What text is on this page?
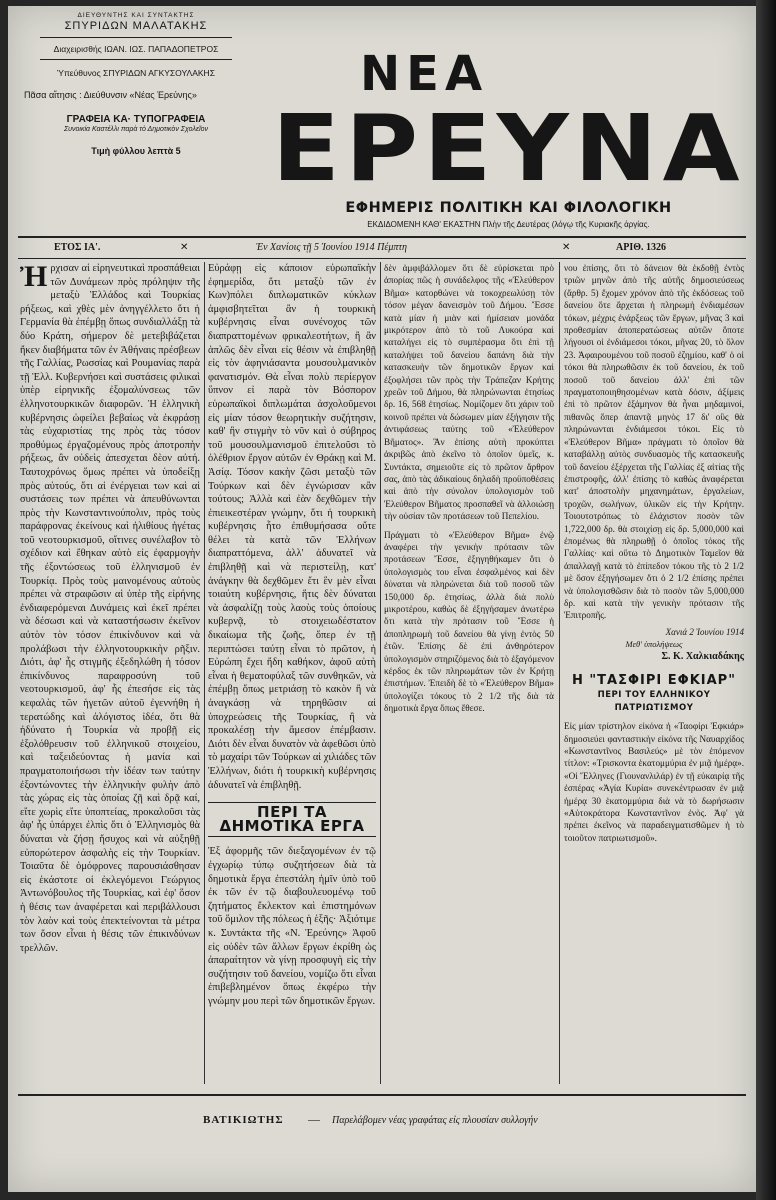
ΔΙΕΥΘΥΝΤΗΣ ΚΑΙ ΣΥΝΤΑΚΤΗΣ
ΣΠΥΡΙΔΩΝ ΜΑΛΑΤΑΚΗΣ
Διαχειρισθής ΙΩΑΝ. ΙΩΣ. ΠΑΠΑΔΟΠΕΤΡΟΣ
Ὑπεύθυνος ΣΠΥΡΙΔΩΝ ΑΓΚΥΣΟΥΛΑΚΗΣ
Πᾶσα αἴτησις : Διεύθυνσιν «Νέας Ἐρεύνης»
ΓΡΑΦΕΙΑ ΚΑ· ΤΥΠΟΓΡΑΦΕΙΑ
Συνοικία Καστέλλι παρὰ τὸ Δημοτικὸν Σχολεῖον
Τιμὴ φύλλου λεπτὰ 5
ΝΕΑ
ΕΡΕΥΝΑ
ΕΦΗΜΕΡΙΣ ΠΟΛΙΤΙΚΗ ΚΑΙ ΦΙΛΟΛΟΓΙΚΗ
ΕΚΔΙΔΟΜΕΝΗ ΚΑΘ' ΕΚΑΣΤΗΝ Πλὴν τῆς Δευτέρας (λόγῳ τῆς Κυριακῆς ἀργίας.
ΕΤΟΣ ΙΑ'.	✕	Ἐν Χανίοις τῇ 5 Ἰουνίου 1914 Πέμπτη	✕	ΑΡΙΘ. 1326

Ἠρχισαν αἱ εἰρηνευτικαὶ προσπάθειαι τῶν Δυνάμεων πρὸς πρόληψιν τῆς μεταξὺ Ἑλλάδος καὶ Τουρκίας ρήξεως, καὶ χθὲς μὲν ἀνηγγέλλετο ὅτι ἡ Γερμανία θὰ ἐπέμβῃ ὅπως συνδιαλλάξῃ τὰ δύο Κράτη, σήμερον δὲ μετεβιβάζεται ἤκεν διαβήματα τῶν ἐν Ἀθήναις πρέσβεων τῆς Γαλλίας, Ρωσσίας καὶ Ρουμανίας παρὰ τῇ Ἑλλ. Κυβερνήσει καὶ συστάσεις φιλικαὶ ὑπὲρ εἰρηνικῆς ἐξομαλύνσεως τῶν ἑλληνοτουρκικῶν διαφορῶν. Ἡ ἑλληνικὴ κυβέρνησις ὠφείλει βεβαίως νὰ ἐκφράσῃ τὰς εὐχαριστίας της πρὸς τὰς τόσον προθύμως ἐργαζομένους πρὸς ἀποτροπὴν ρήξεως, ἂν οὐδεὶς ἀπεσχεται δὲον αὐτή. Ταυτοχρόνως ὅμως πρέπει νὰ ὑποδείξῃ πρὸς αὐτούς, ὅτι αἱ ἐνέργειαι των καὶ αἱ συστάσεις των πρέπει νὰ ἀπευθύνωνται πρὸς τὴν Κωνσταντινούπολιν, πρὸς τοὺς παράφρονας ἐκείνους καὶ ἠλιθίους ἡγέτας τοῦ νεοτουρκισμοῦ, οἵτινες συνέλαβον τὸ σχέδιον καὶ ἔθηκαν αὐτὸ εἰς ἐφαρμογὴν τῆς ἐξοντώσεως τοῦ ἑλληνισμοῦ ἐν Τουρκίᾳ. Πρὸς τοὺς μαινομένους αὐτοὺς πρέπει νὰ στραφῶσιν αἱ ὑπὲρ τῆς εἰρήνης ἐνδιαφερόμεναι Δυνάμεις καὶ ἐκεῖ πρέπει νὰ δέσωσι καὶ νὰ καταστήσωσιν ἐκεῖνον αὐτὸν τὸν τόσον ἐπικίνδυνον καὶ νὰ προλάβωσι τὴν ἐλληνοτουρκικὴν ρῆξιν. Διότι, ἀφ' ἧς στιγμῆς ἐξεδηλώθη ἡ τόσον ἐπικίνδυνος παραφροσύνη τοῦ νεοτουρκισμοῦ, ἀφ' ἧς ἐπεσήσε εἰς τὰς κεφαλὰς τῶν ἡγετῶν αὐτοῦ ἐγεννήθη ἡ τερατώδης καὶ ἀλόγιστος ἰδέα, ὅτι θὰ ἠδύνατο ἡ Τουρκία νὰ προβῇ εἰς ἐξολόθρευσιν τοῦ ἑλληνικοῦ στοιχείου, καὶ ταξειδεύοντας ἡ μανία καὶ πραγματοποιήσωσι τὴν ἰδέαν των ταύτην ἐξοντώνοντες τὴν ἑλληνικὴν φυλὴν ἀπὸ τὰς χώρας εἰς τὰς ὁποίας ζῇ καὶ δρᾷ καί, εἴτε χωρὶς εἴτε ὑποπτείας, προκαλοῦσι τὰς ἀφ' ἧς ὑπάρχει ἐλπὶς ὅτι ὁ Ἑλληνισμὸς θὰ δύναται νὰ ζήσῃ ἥσυχος καὶ νὰ αὐξηθῇ εὐπορώτερον ἀσφαλὴς εἰς τὴν Τουρκίαν. Τοιαῦτα δὲ ὁμόφρονες παρουσιάσθησαν εἰς ἑκάστοτε οἱ ἐκλεγόμενοι Γεώργιος Ἀντωνόβουλος τῆς Τουρκίας, καὶ ἐφ' ὅσον ἡ θέσις των ἀναφέρεται καὶ περιβάλλουσι τὸν λαὸν καὶ τοὺς ἐπεκτείνονται τὰ μέτρα των ὅσον εἶναι ἡ θέσις τῶν ἐπικινδύνων τρελλῶν.

Εὐράφῃ εἰς κάποιον εὐρωπαϊκὴν ἐφημερίδα, ὅτι μεταξὺ τῶν ἐν Κων)πόλει διπλωματικῶν κύκλων ἀμφισβητεῖται ἂν ἡ τουρκικὴ κυβέρνησις εἶναι συνένοχος τῶν διαπραττομένων φρικαλεοτήτων, ἢ ἂν ἁπλῶς δὲν εἶναι εἰς θέσιν νὰ ἐπιβληθῇ εἰς τὸν ἀφηνιάσαντα μουσουλμανικὸν φανατισμόν. Θὰ εἶναι πολὺ περίεργον ὕπνον εἰ παρὰ τὸν Βόσπορον εὑρωπαϊκοὶ διπλωμάται ἀσχολοῦμενοι εἰς μίαν τόσον θεωρητικὴν συζήτησιν, καθ' ἣν στιγμὴν τὸ νῦν καὶ ὁ σύβηρος τοῦ μουσουλμανισμοῦ ἐπιτελοῦσι τὸ ὀλέθριον ἔργον αὐτῶν ἐν Θράκῃ καὶ Μ. Ἀσίᾳ. Τόσον κακὴν ζῶσι μεταξὺ τῶν Τούρκων καὶ δὲν ἐγνώρισαν κἂν τούτους; Ἀλλὰ καὶ ἐὰν δεχθῶμεν τὴν ἐπιεικεστέραν γνώμην, ὅτι ἡ τουρκικὴ κυβέρνησις ἦτο ἐπιθυμήσασα οὔτε θέλει τὰ κατὰ τῶν Ἑλλήνων διαπραττόμενα, ἀλλ' ἀδυνατεῖ νὰ ἐπιβληθῇ καὶ νὰ περιστείλῃ, κατ' ἀνάγκην θὰ δεχθῶμεν ἔτι ἓν μὲν εἶναι τοιαύτη κυβέρνησις, ἥτις δὲν δύναται νὰ ἀσφαλίζῃ τοὺς λαοὺς τοὺς ὁποίους κυβερνᾷ, τὸ στοιχειωδέστατον δικαίωμα τῆς ζωῆς, ὅπερ ἐν τῇ περιπτώσει ταύτῃ εἶναι τὸ πρῶτον, ἡ Εὐρώπη ἔχει ἤδη καθήκον, ἀφοῦ αὐτὴ εἶναι ἡ θεματοφύλαξ τῶν συνθηκῶν, νὰ ἐπέμβῃ ὅπως μετριάσῃ τὸ κακὸν ἢ νὰ ἀναγκάσῃ νὰ τηρηθῶσιν αἱ ὑποχρεώσεις τῆς Τουρκίας, ἢ νὰ προκαλέσῃ τὴν ἄμεσον ἐπέμβασιν. Διότι δὲν εἶναι δυνατὸν νὰ ἀφεθῶσι ὑπὸ τὸ μαχαίρι τῶν Τούρκων αἱ χιλιάδες τῶν Ἑλλήνων, διότι ἡ τουρκικὴ κυβέρνησις ἀδυνατεῖ νὰ ἐπιβληθῇ.

ΠΕΡΙ ΤΑ ΔΗΜΟΤΙΚΑ ΕΡΓΑ

Ἐξ ἀφορμῆς τῶν διεξαγομένων ἐν τῷ ἐγχωρίῳ τύπῳ συζητήσεων διὰ τὰ δημοτικὰ ἔργα ἐπεστάλη ἡμῖν ὑπὸ τοῦ ἐκ τῶν ἐν τῷ διαβουλευομένῳ τοῦ ζητήματος ἔκλεκτον καὶ ἐπιστημόνων τοῦ ὅμιλον τῆς πόλεως ἡ ἑξῆς· Ἀξιότιμε κ. Συντάκτα τῆς «Ν. Ἐρεύνης» Ἀφοῦ εἰς οὐδὲν τῶν ἄλλων ἔργων ἐκρίθη ὡς ἀπαραίτητον νὰ γίνῃ προσφυγὴ εἰς τὴν συζήτησιν τοῦ δανείου, νομίζω ὅτι εἶναι ἐπιβεβλημένον ὅπως ἐκφέρω τὴν γνώμην μου περὶ τῶν δημοτικῶν ἔργων.

δὲν ἀμφιβάλλομεν ὅτι δὲ εὑρίσκεται πρὸ ἀπορίας πῶς ἡ συνάδελφος τῆς «Ἐλεύθερον Βῆμα» κατορθώνει νὰ τοκοχρεωλύσῃ τὸν τόσον μέγαν δανεισμὸν τοῦ Δήμου. Ἔσσε κατὰ μίαν ἡ μιὰν καὶ ἡμίσειαν μονάδα μικρότερον ἀπὸ τὸ τοῦ Λυκούρα καὶ καταλήγει εἰς τὸ συμπέρασμα ὅτι ἐπὶ τῇ καταλήψει τοῦ δανείου δαπάνη διὰ τὴν κατασκευὴν τῶν δημοτικῶν ἔργων καὶ ἐξοφλήσει τῶν πρὸς τὴν Τράπεζαν Κρήτης χρεῶν τοῦ Δήμου, θὰ πληρώνωνται ἐτησίως δρ. 16, 568 ἐτησίως. Νομίζομεν ὅτι χάριν τοῦ κοινοῦ πρέπει νὰ δώσωμεν μίαν ἐξήγησιν τῆς ἀντιφάσεως ταύτης τοῦ «Ἐλεύθερον Βῆματος». Ἂν ἐπίσης αὐτὴ προκύπτει ἀκριβῶς ἀπὸ ἐκεῖνο τὸ ὁποῖον ὑμεῖς, κ. Συντάκτα, σημειοῦτε εἰς τὸ πρῶτον ἄρθρον σας, ἀπὸ τὰς ἀδικαίους δηλαδὴ προϋποθέσεις καὶ ἀπὸ τὴν σύνολον ὑπολογισμὸν τοῦ Ἐλεύθερον Βῆματος προσπαθεῖ νὰ ἀλλοιώσῃ τὴν οὐσίαν τῶν προτάσεων τοῦ Πεπελίου.

Πράγματι τὸ «Ἐλεύθερον Βῆμα» ἐνῷ ἀναφέρει τὴν γενικὴν πρότασιν τῶν προτάσεων Ἔσσε, ἐξηγηθήκαμεν ὅτι ὁ ὑπολογισμὸς του εἶναι ἐσφαλμένος καὶ δὲν δύναται νὰ πληρώνεται διὰ τοῦ ποσοῦ τῶν 150,000 δρ. ἐτησίως, ἀλλὰ διὰ πολὺ μικροτέρου, καθὼς δὲ ἐξηγήσαμεν ἀνωτέρω ὅτι κατὰ τὴν πρότασιν τοῦ Ἔσσε ἡ ἀποπληρωμὴ τοῦ δανείου θὰ γίνῃ ἐντὸς 50 ἐτῶν. Ἐπίσης δὲ ἐπὶ ἀνθηρότερον ὑπολογισμὸν στηριζόμενος διὰ τὸ ἐξαγόμενον κέρδος ἐκ τῶν πληρωμάτων τῶν ἐν Κρήτῃ ἐπιστήμων. Ἐπειδὴ δὲ τὸ «Ἐλεύθερον Βῆμα» ὑπολογίζει τόκους τὸ 2 1/2 τῆς διὰ τὰ δημοτικὰ ἔργα ὅπως ἔθεσε.

νου ἐπίσης, ὅτι τὸ δάνειον θὰ ἐκδοθῇ ἐντὸς τριῶν μηνῶν ἀπὸ τῆς αὐτῆς δημοσιεύσεως (ἄρθρ. 5) ἔχομεν χρόνον ἀπὸ τῆς ἐκδόσεως τοῦ δανείου ὅτε ἄρχεται ἡ πληρωμὴ ἐνδιαμέσων τόκων, μέχρις ἐνάρξεως τῶν ἔργων, μῆνας 3 καὶ προθεσμίαν ἀποπερατώσεως αὐτῶν ὅποτε λήγουσι οἱ ἐνδιάμεσοι τόκοι, μῆνας 20, τὸ ὅλον 23. Ἀφαιρουμένου τοῦ ποσοῦ ἐζημίου, καθ' ὁ οἱ τόκοι θὰ πληρωθῶσιν ἐκ τοῦ δανείου, ἐκ τοῦ ποσοῦ τοῦ δανείου ἀλλ' ἐπὶ τῶν πραγματοποιηθησομένων κατὰ δόσιν, ἀξίμεις ἐπὶ τὸ πρῶτον ἐξάμηνον θὰ ἦναι μηδαμινοί, πιθανῶς ὅπερ ἀπαντᾷ μηνὸς 17 δι' οὓς θὰ πληρώνωνται ἐνδιάμεσοι τόκοι. Εἰς τὸ «Ἐλεύθερον Βῆμα» πράγματι τὸ ὁποῖον θὰ καταβάλλῃ αὐτὸς συνδυασμὸς τῆς κατασκευῆς τοῦ δανείου ἐξέρχεται τῆς Γαλλίας ἐξ αἰτίας τῆς ἐπιστροφῆς, ἀλλ' ἐπίσης τὸ καθὼς ἀναφέρεται κατ' ἀποστολὴν μηχανημάτων, ἐργαλείων, τροχῶν, σωλήνων, ὑλικῶν εἰς τὴν Κρήτην. Τοιουτοτρόπως τὸ ἐλάχιστον ποσὸν τῶν 1,722,000 δρ. θὰ στοιχίσῃ εἰς δρ. 5,000,000 καὶ ἐπομένως θὰ πληρωθῇ ὁ ὁποῖος τόκος τῆς Γαλλίας· καὶ οὕτω τὸ Δημοτικὸν Ταμεῖον θὰ ἀπαλλαγῇ κατὰ τὸ ἐπίπεδον τόκου τῆς τὸ 2 1/2 μὲ ὅσον ἐξηγήσωμεν ὅτι ὁ 2 1/2 ἐπίσης πρέπει νὰ ὑπολογισθῶσιν διὰ τὸ ποσὸν τῶν 5,000,000 δρ. καὶ κατὰ τὴν γενικὴν πρότασιν τῆς Ἐπιτροπῆς.

Χανιά 2 Ἰουνίου 1914
Μεθ' ὑπολήψεως
Σ. Κ. Χαλκιαδάκης
Η "ΤΑΣΦΙΡΙ ΕΦΚΙΑΡ"
ΠΕΡΙ ΤΟΥ ΕΛΛΗΝΙΚΟΥ ΠΑΤΡΙΩΤΙΣΜΟΥ

Εἰς μίαν τρίστηλον εἰκόνα ἡ «Ταοφίρι Ἐφκιάρ» δημοσιεύει φανταστικὴν εἰκόνα τῆς Ναυαρχίδος «Κωνσταντῖνος Βασιλεύς» μὲ τὸν ἑπόμενον τίτλον: «Τρισκοντα ἑκατομμύρια ἐν μιᾷ ἡμέρᾳ». «Οἱ Ἕλληνες (Γιουνανλιλάρ) ἐν τῇ εὐκαιρίᾳ τῆς ἐσπέρας «Ἁγία Κυρία» συνεκέντρωσαν ἐν μιᾷ ἡμέρᾳ 30 ἑκατομμύρια διὰ νὰ τὸ δωρήσωσιν «Αὐτοκράτορα Κωνσταντῖνον ἐνὸς. Ἀφ' γὰ πρέπει ἐκεῖνος νὰ παραδειγματισθῶμεν ἡ τὸ τοιοῦτον πατριωτισμοῦ».

ΒΑΤΙΚΙΩΤΗΣ — Παρελάβομεν νέας γραφάτας εἰς πλουσίαν συλλογήν
